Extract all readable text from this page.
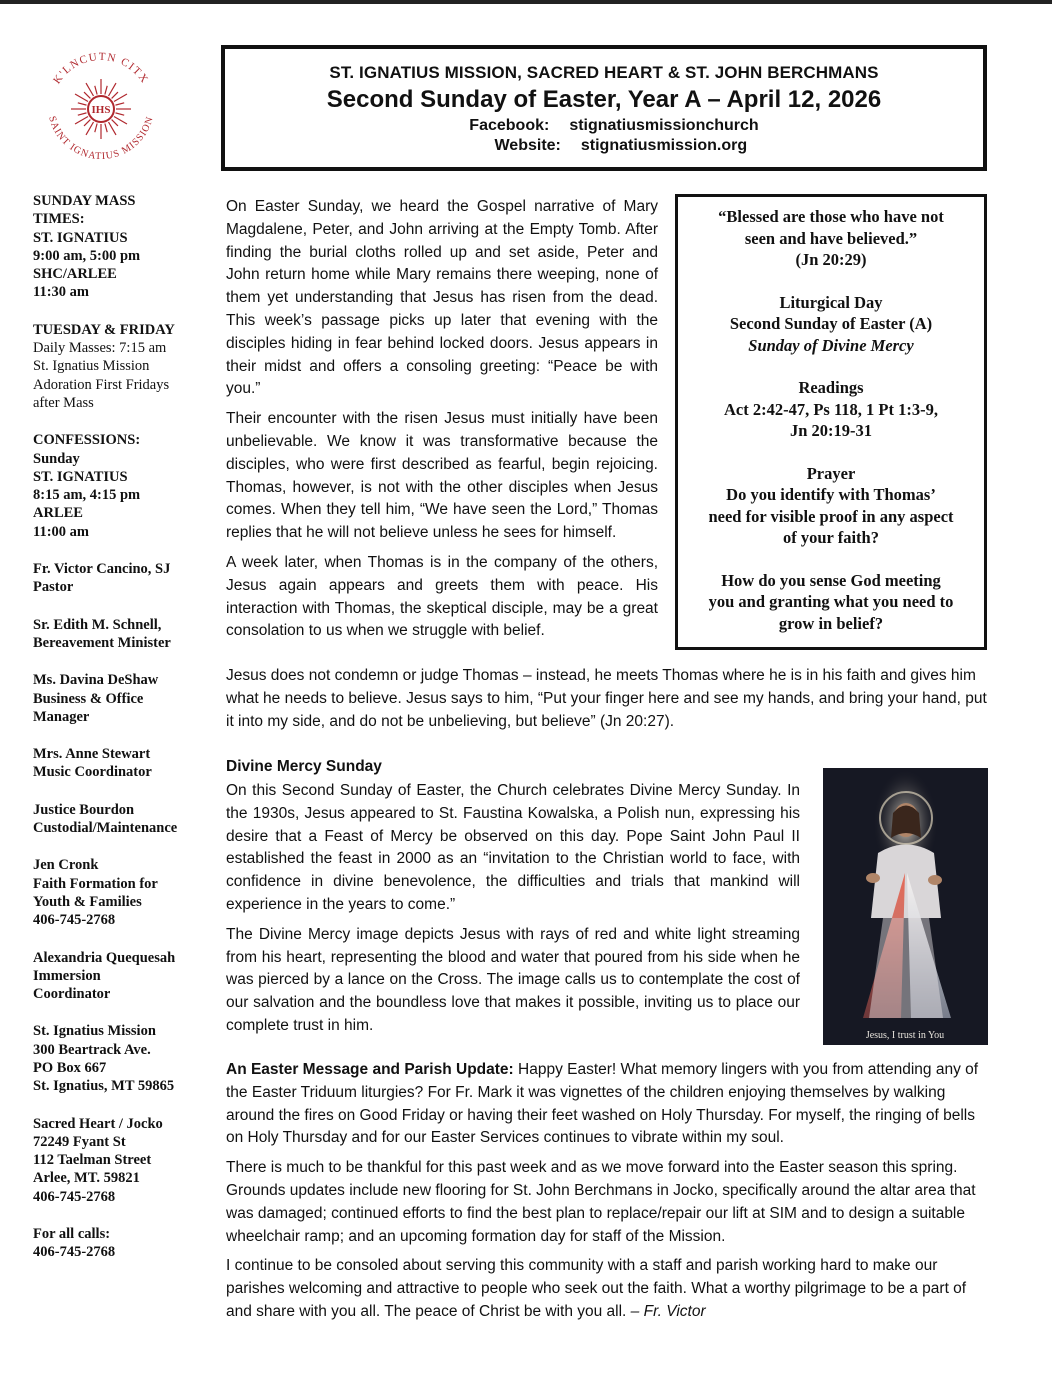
K'LNCUTN CITX
SAINT IGNATIUS MISSION
IHS
ST. IGNATIUS MISSION, SACRED HEART & ST. JOHN BERCHMANS
Second Sunday of Easter, Year A – April 12, 2026
Facebook: stignatiusmissionchurch
Website: stignatiusmission.org
SUNDAY MASS
TIMES:
ST. IGNATIUS
9:00 am, 5:00 pm
SHC/ARLEE
11:30 am
TUESDAY & FRIDAY
Daily Masses: 7:15 am
St. Ignatius Mission
Adoration First Fridays
after Mass
CONFESSIONS:
Sunday
ST. IGNATIUS
8:15 am, 4:15 pm
ARLEE
11:00 am
Fr. Victor Cancino, SJ
Pastor
Sr. Edith M. Schnell,
Bereavement Minister
Ms. Davina DeShaw
Business & Office
Manager
Mrs. Anne Stewart
Music Coordinator
Justice Bourdon
Custodial/Maintenance
Jen Cronk
Faith Formation for
Youth & Families
406-745-2768
Alexandria Quequesah
Immersion
Coordinator
St. Ignatius Mission
300 Beartrack Ave.
PO Box 667
St. Ignatius, MT 59865
Sacred Heart / Jocko
72249 Fyant St
112 Taelman Street
Arlee, MT. 59821
406-745-2768
For all calls:
406-745-2768
“Blessed are those who have not
seen and have believed.”
(Jn 20:29)
Liturgical Day
Second Sunday of Easter (A)
Sunday of Divine Mercy
Readings
Act 2:42-47, Ps 118, 1 Pt 1:3-9,
Jn 20:19-31
Prayer
Do you identify with Thomas’
need for visible proof in any aspect
of your faith?
How do you sense God meeting
you and granting what you need to
grow in belief?

On Easter Sunday, we heard the Gospel narrative of Mary Magdalene, Peter, and John arriving at the Empty Tomb. After finding the burial cloths rolled up and set aside, Peter and John return home while Mary remains there weeping, none of them yet understanding that Jesus has risen from the dead. This week’s passage picks up later that evening with the disciples hiding in fear behind locked doors. Jesus appears in their midst and offers a consoling greeting: “Peace be with you.”

Their encounter with the risen Jesus must initially have been unbelievable. We know it was transformative because the disciples, who were first described as fearful, begin rejoicing. Thomas, however, is not with the other disciples when Jesus comes. When they tell him, “We have seen the Lord,” Thomas replies that he will not believe unless he sees for himself.

A week later, when Thomas is in the company of the others, Jesus again appears and greets them with peace. His interaction with Thomas, the skeptical disciple, may be a great consolation to us when we struggle with belief.

Jesus does not condemn or judge Thomas – instead, he meets Thomas where he is in his faith and gives him what he needs to believe. Jesus says to him, “Put your finger here and see my hands, and bring your hand, put it into my side, and do not be unbelieving, but believe” (Jn 20:27).

Divine Mercy Sunday

On this Second Sunday of Easter, the Church celebrates Divine Mercy Sunday. In the 1930s, Jesus appeared to St. Faustina Kowalska, a Polish nun, expressing his desire that a Feast of Mercy be observed on this day. Pope Saint John Paul II established the feast in 2000 as an “invitation to the Christian world to face, with confidence in divine benevolence, the difficulties and trials that mankind will experience in the years to come.”

The Divine Mercy image depicts Jesus with rays of red and white light streaming from his heart, representing the blood and water that poured from his side when he was pierced by a lance on the Cross. The image calls us to contemplate the cost of our salvation and the boundless love that makes it possible, inviting us to place our complete trust in him.

Jesus, I trust in You

An Easter Message and Parish Update: Happy Easter! What memory lingers with you from attending any of the Easter Triduum liturgies? For Fr. Mark it was vignettes of the children enjoying themselves by walking around the fires on Good Friday or having their feet washed on Holy Thursday. For myself, the ringing of bells on Holy Thursday and for our Easter Services continues to vibrate within my soul.

There is much to be thankful for this past week and as we move forward into the Easter season this spring. Grounds updates include new flooring for St. John Berchmans in Jocko, specifically around the altar area that was damaged; continued efforts to find the best plan to replace/repair our lift at SIM and to design a suitable wheelchair ramp; and an upcoming formation day for staff of the Mission.

I continue to be consoled about serving this community with a staff and parish working hard to make our parishes welcoming and attractive to people who seek out the faith. What a worthy pilgrimage to be a part of and share with you all. The peace of Christ be with you all. – Fr. Victor
